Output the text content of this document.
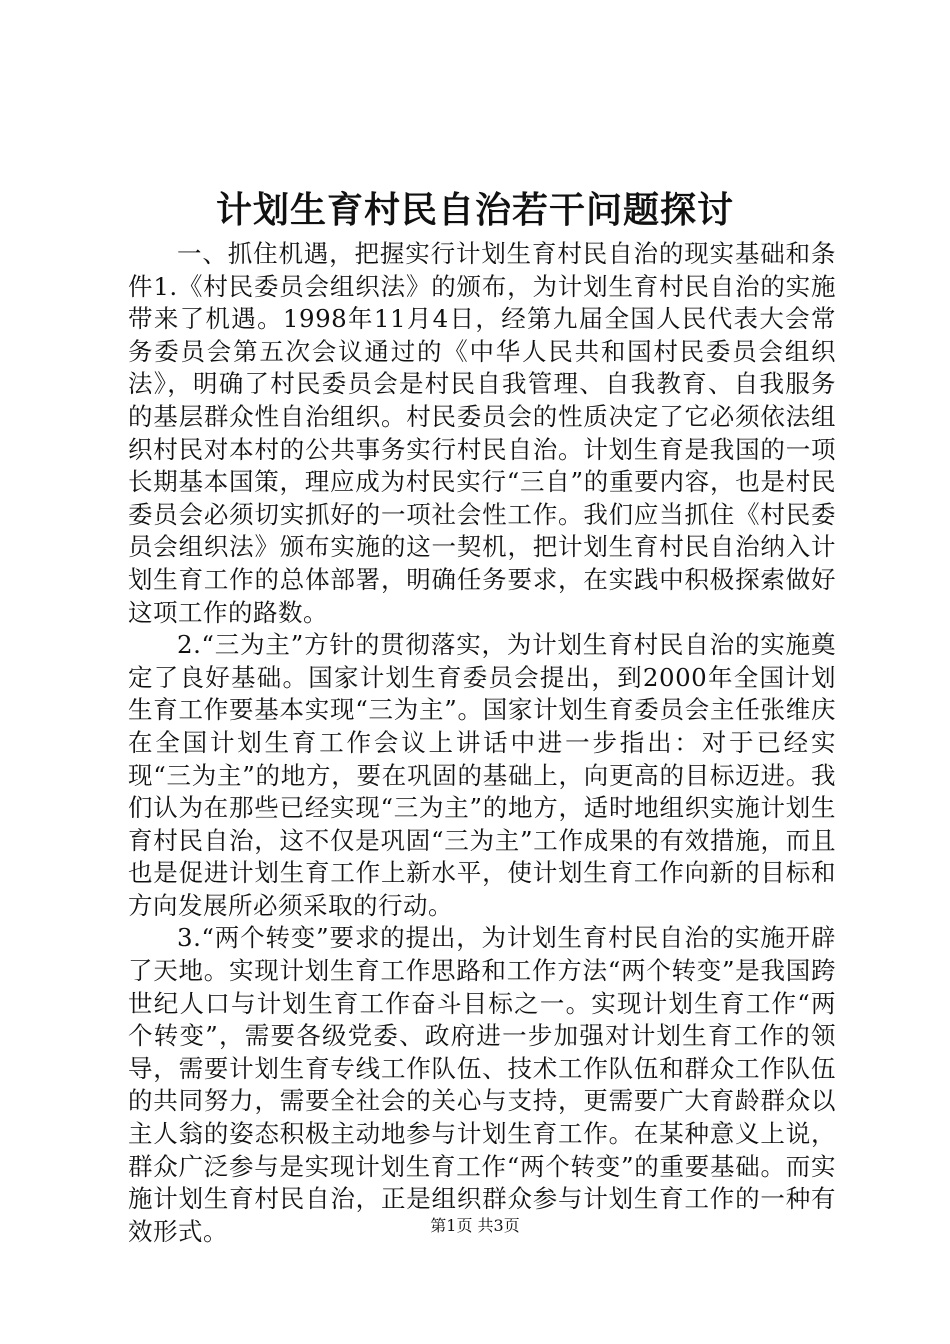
计划生育村民自治若干问题探讨

一、抓住机遇，把握实行计划生育村民自治的现实基础和条件1.《村民委员会组织法》的颁布，为计划生育村民自治的实施带来了机遇。1998年11月4日，经第九届全国人民代表大会常务委员会第五次会议通过的《中华人民共和国村民委员会组织法》，明确了村民委员会是村民自我管理、自我教育、自我服务的基层群众性自治组织。村民委员会的性质决定了它必须依法组织村民对本村的公共事务实行村民自治。计划生育是我国的一项长期基本国策，理应成为村民实行“三自”的重要内容，也是村民委员会必须切实抓好的一项社会性工作。我们应当抓住《村民委员会组织法》颁布实施的这一契机，把计划生育村民自治纳入计划生育工作的总体部署，明确任务要求，在实践中积极探索做好这项工作的路数。

2.“三为主”方针的贯彻落实，为计划生育村民自治的实施奠定了良好基础。国家计划生育委员会提出，到2000年全国计划生育工作要基本实现“三为主”。国家计划生育委员会主任张维庆在全国计划生育工作会议上讲话中进一步指出：对于已经实现“三为主”的地方，要在巩固的基础上，向更高的目标迈进。我们认为在那些已经实现“三为主”的地方，适时地组织实施计划生育村民自治，这不仅是巩固“三为主”工作成果的有效措施，而且也是促进计划生育工作上新水平，使计划生育工作向新的目标和方向发展所必须采取的行动。

3.“两个转变”要求的提出，为计划生育村民自治的实施开辟了天地。实现计划生育工作思路和工作方法“两个转变”是我国跨世纪人口与计划生育工作奋斗目标之一。实现计划生育工作“两个转变”，需要各级党委、政府进一步加强对计划生育工作的领导，需要计划生育专线工作队伍、技术工作队伍和群众工作队伍的共同努力，需要全社会的关心与支持，更需要广大育龄群众以主人翁的姿态积极主动地参与计划生育工作。在某种意义上说，群众广泛参与是实现计划生育工作“两个转变”的重要基础。而实施计划生育村民自治，正是组织群众参与计划生育工作的一种有效形式。	第1页 共3页
